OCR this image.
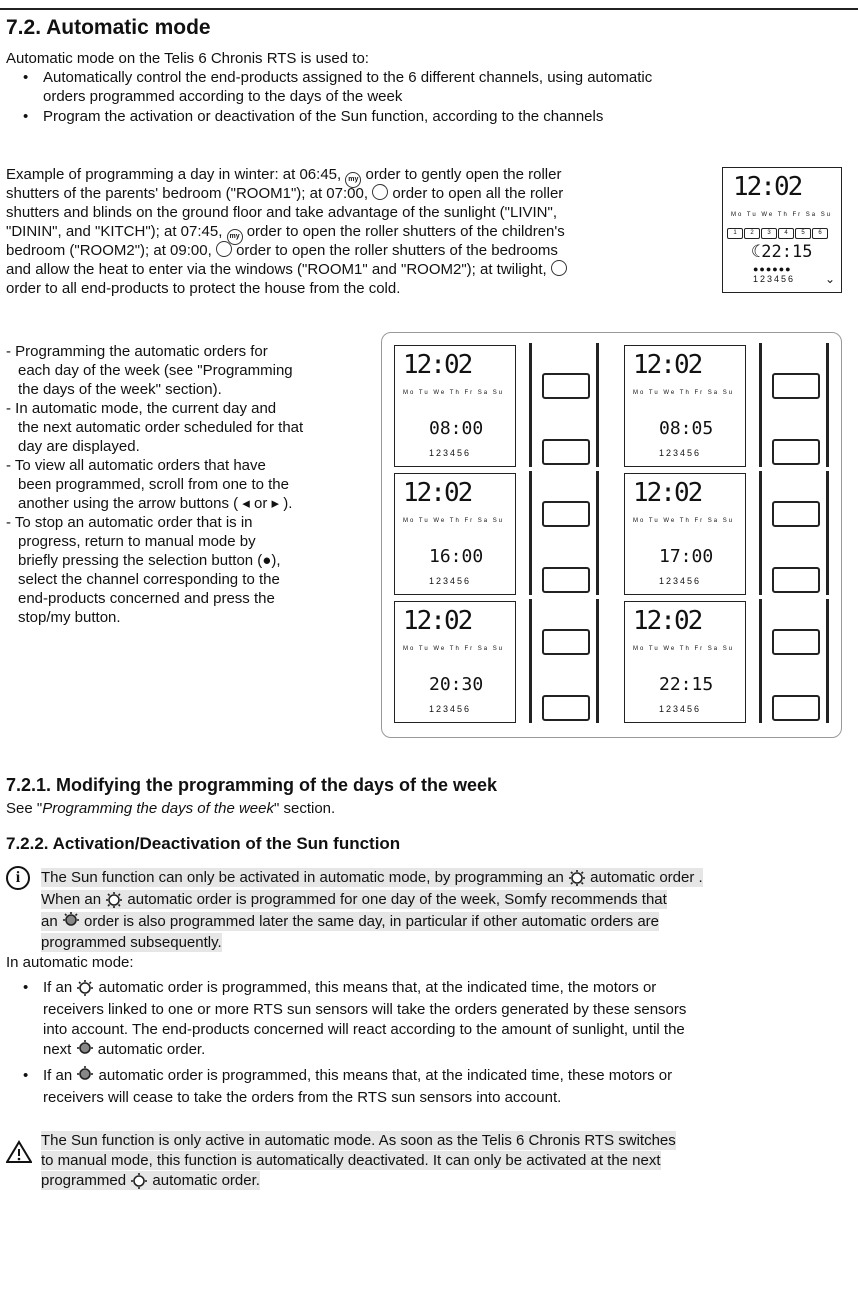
7.2. Automatic mode
Automatic mode on the Telis 6 Chronis RTS is used to:
• Automatically control the end-products assigned to the 6 different channels, using automatic
orders programmed according to the days of the week
• Program the activation or deactivation of the Sun function, according to the channels
Example of programming a day in winter: at 06:45, my order to gently open the roller
shutters of the parents' bedroom ("ROOM1"); at 07:00, order to open all the roller
shutters and blinds on the ground floor and take advantage of the sunlight ("LIVIN",
"DININ", and "KITCH"); at 07:45, my order to open the roller shutters of the children's
bedroom ("ROOM2"); at 09:00, order to open the roller shutters of the bedrooms
and allow the heat to enter via the windows ("ROOM1" and "ROOM2"); at twilight,
order to all end-products to protect the house from the cold.
12:02
Mo Tu We Th Fr Sa Su
1	2	3	4	5	6
☾22:15
●●●●●●
123456 ⌄
- Programming the automatic orders for
each day of the week (see "Programming
the days of the week" section).
- In automatic mode, the current day and
the next automatic order scheduled for that
day are displayed.
- To view all automatic orders that have
been programmed, scroll from one to the
another using the arrow buttons ( ◂ or ▸ ).
- To stop an automatic order that is in
progress, return to manual mode by
briefly pressing the selection button (●),
select the channel corresponding to the
end-products concerned and press the
stop/my button.
12:02
Mo Tu We Th Fr Sa Su
08:00
123456
12:02
Mo Tu We Th Fr Sa Su
08:05
123456
12:02
Mo Tu We Th Fr Sa Su
16:00
123456
12:02
Mo Tu We Th Fr Sa Su
17:00
123456
12:02
Mo Tu We Th Fr Sa Su
20:30
123456
12:02
Mo Tu We Th Fr Sa Su
22:15
123456
7.2.1. Modifying the programming of the days of the week
See "Programming the days of the week" section.
7.2.2. Activation/Deactivation of the Sun function
i	The Sun function can only be activated in automatic mode, by programming an automatic order .
When an automatic order is programmed for one day of the week, Somfy recommends that
an order is also programmed later the same day, in particular if other automatic orders are
programmed subsequently.
In automatic mode:
• If an automatic order is programmed, this means that, at the indicated time, the motors or
receivers linked to one or more RTS sun sensors will take the orders generated by these sensors
into account. The end-products concerned will react according to the amount of sunlight, until the
next automatic order.
• If an automatic order is programmed, this means that, at the indicated time, these motors or
receivers will cease to take the orders from the RTS sun sensors into account.
The Sun function is only active in automatic mode. As soon as the Telis 6 Chronis RTS switches
to manual mode, this function is automatically deactivated. It can only be activated at the next
programmed automatic order.
